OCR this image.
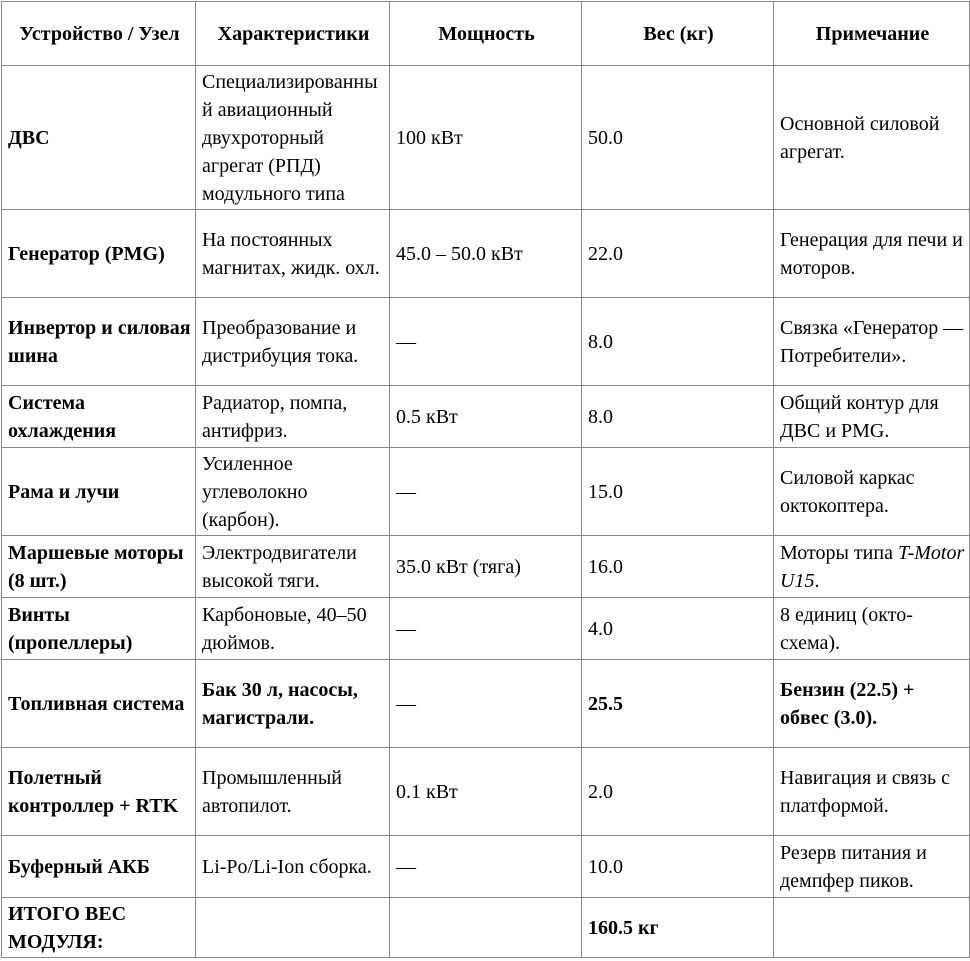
Устройство / Узел	Характеристики	Мощность	Вес (кг)	Примечание
ДВС	Специализированный авиационный двухроторный агрегат (РПД) модульного типа	100 кВт	50.0	Основной силовой агрегат.
Генератор (PMG)	На постоянных магнитах, жидк. охл.	45.0 – 50.0 кВт	22.0	Генерация для печи и моторов.
Инвертор и силовая шина	Преобразование и дистрибуция тока.	—	8.0	Связка «Генератор — Потребители».
Система охлаждения	Радиатор, помпа, антифриз.	0.5 кВт	8.0	Общий контур для ДВС и PMG.
Рама и лучи	Усиленное углеволокно (карбон).	—	15.0	Силовой каркас октокоптера.
Маршевые моторы (8 шт.)	Электродвигатели высокой тяги.	35.0 кВт (тяга)	16.0	Моторы типа T-Motor U15.
Винты (пропеллеры)	Карбоновые, 40–50 дюймов.	—	4.0	8 единиц (окто-схема).
Топливная система	Бак 30 л, насосы, магистрали.	—	25.5	Бензин (22.5) + обвес (3.0).
Полетный контроллер + RTK	Промышленный автопилот.	0.1 кВт	2.0	Навигация и связь с платформой.
Буферный АКБ	Li-Po/Li-Ion сборка.	—	10.0	Резерв питания и демпфер пиков.
ИТОГО ВЕС МОДУЛЯ:			160.5 кг	
